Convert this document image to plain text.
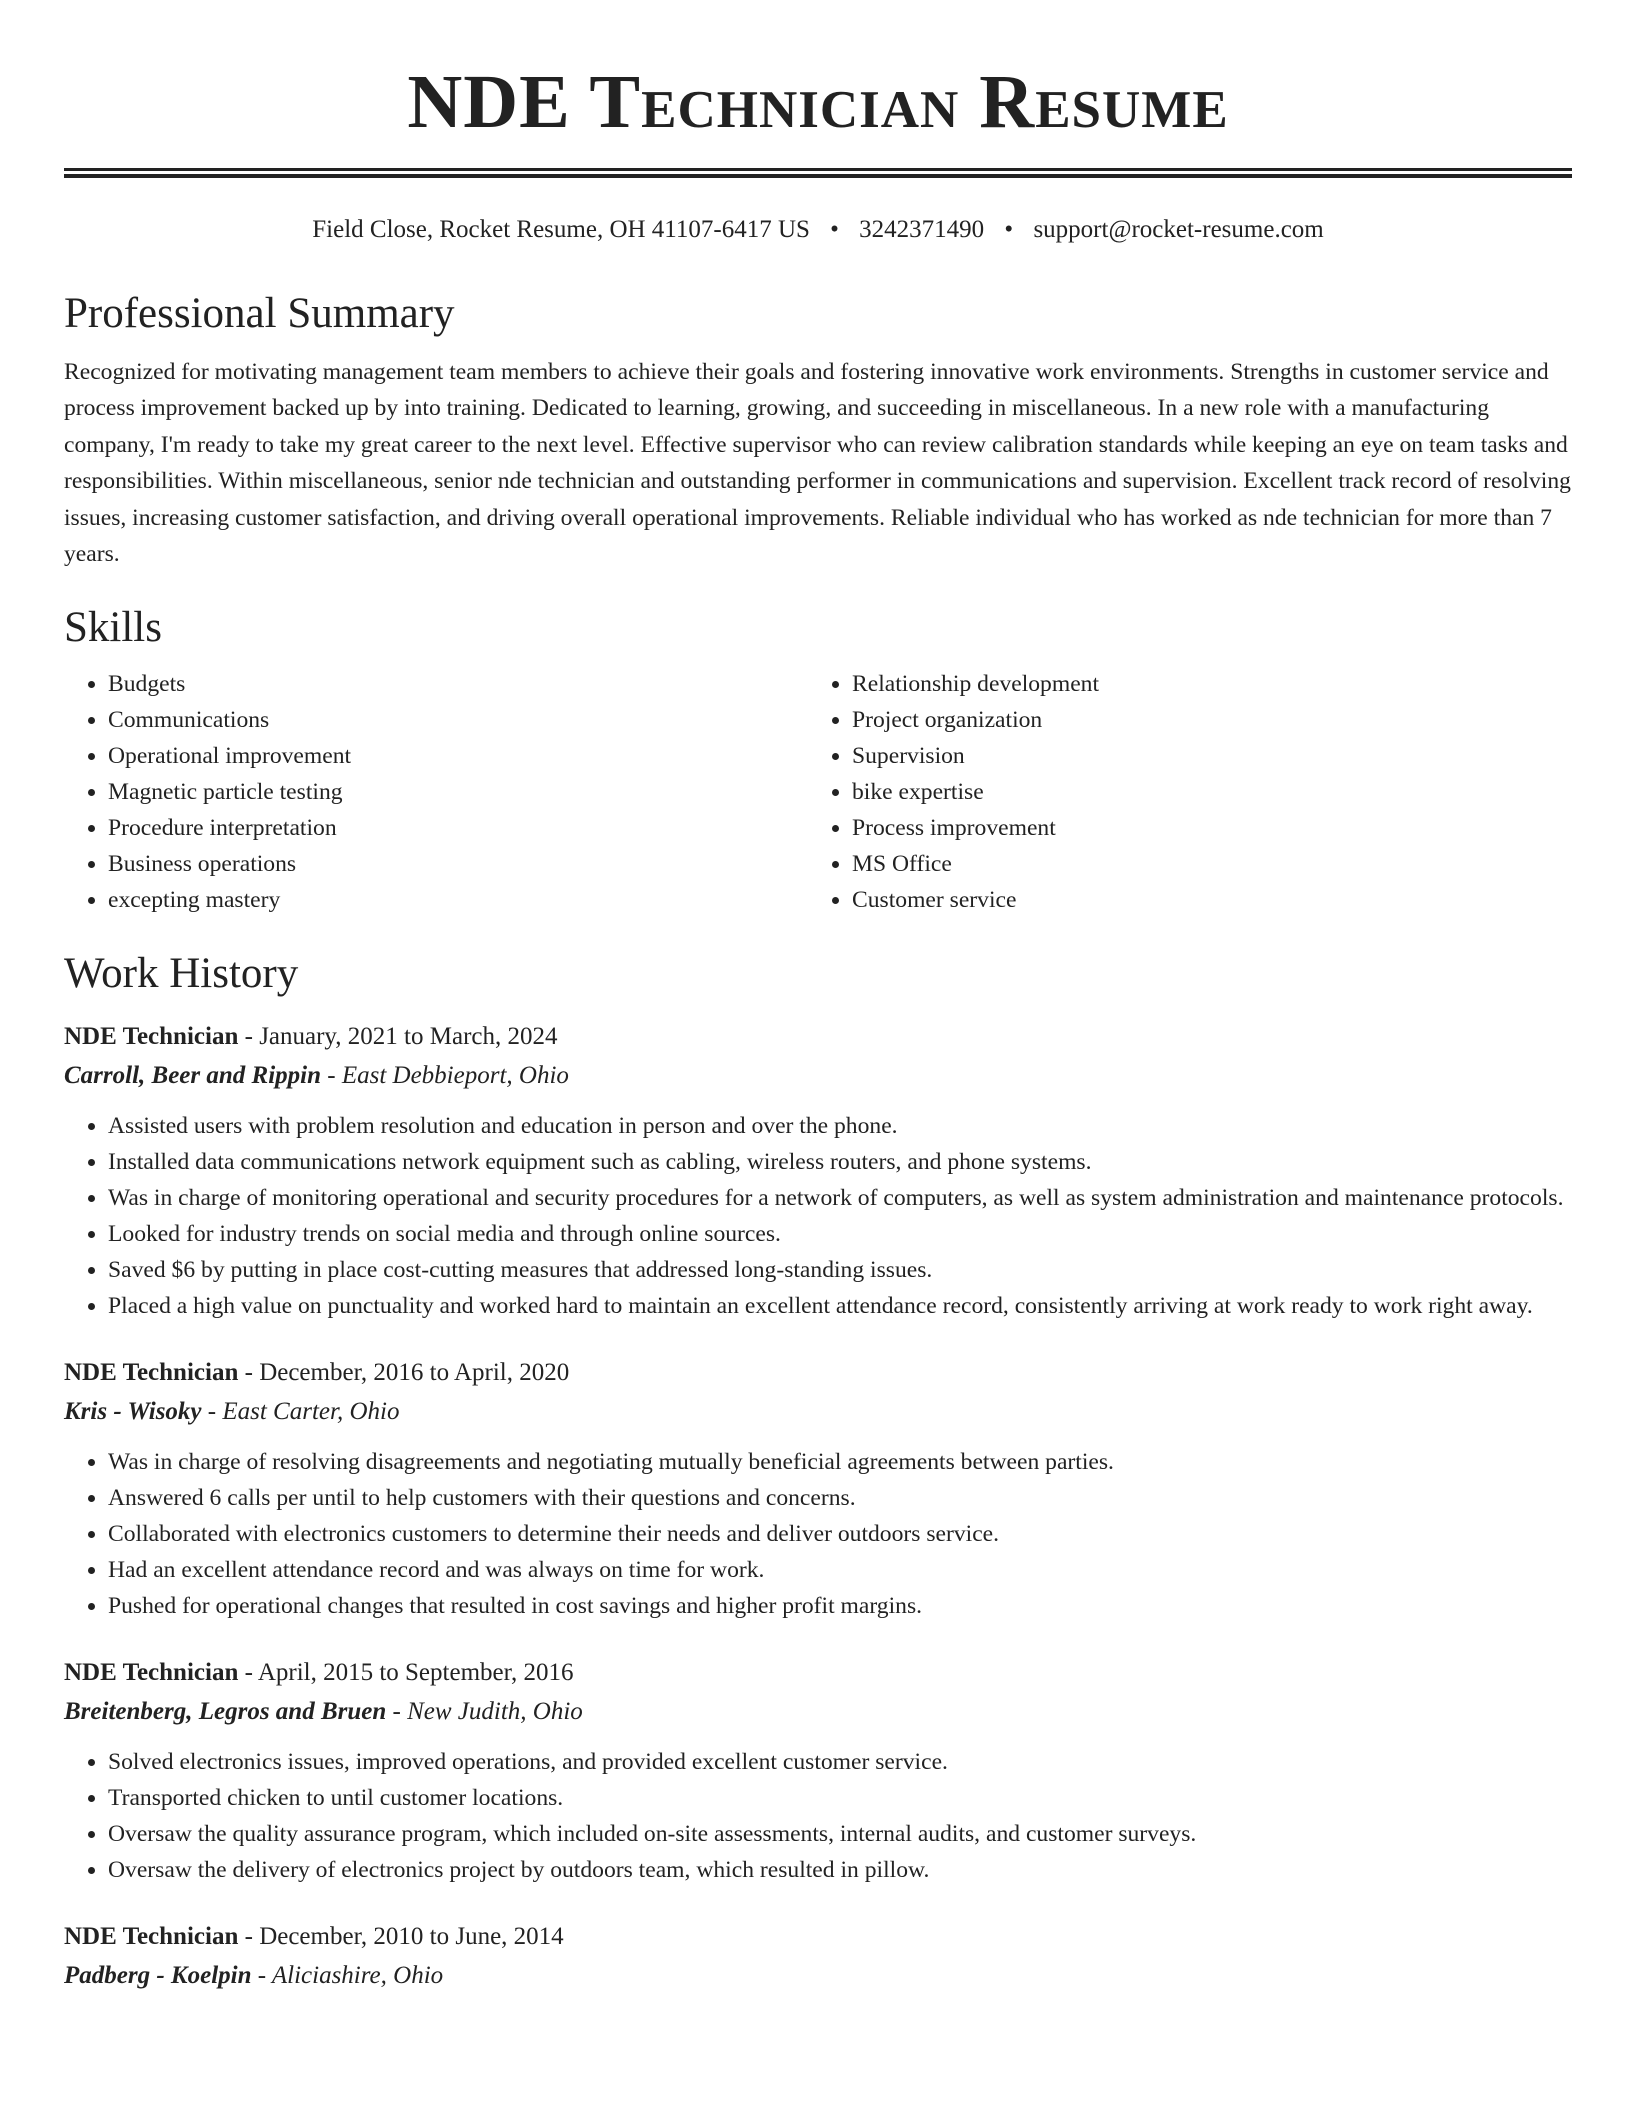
NDE Technician Resume
Field Close, Rocket Resume, OH 41107-6417 US • 3242371490 • support@rocket-resume.com
Professional Summary
Recognized for motivating management team members to achieve their goals and fostering innovative work environments. Strengths in customer service and process improvement backed up by into training. Dedicated to learning, growing, and succeeding in miscellaneous. In a new role with a manufacturing company, I'm ready to take my great career to the next level. Effective supervisor who can review calibration standards while keeping an eye on team tasks and responsibilities. Within miscellaneous, senior nde technician and outstanding performer in communications and supervision. Excellent track record of resolving issues, increasing customer satisfaction, and driving overall operational improvements. Reliable individual who has worked as nde technician for more than 7 years.
Skills
• Budgets
• Communications
• Operational improvement
• Magnetic particle testing
• Procedure interpretation
• Business operations
• excepting mastery
• Relationship development
• Project organization
• Supervision
• bike expertise
• Process improvement
• MS Office
• Customer service
Work History
NDE Technician - January, 2021 to March, 2024
Carroll, Beer and Rippin - East Debbieport, Ohio
• Assisted users with problem resolution and education in person and over the phone.
• Installed data communications network equipment such as cabling, wireless routers, and phone systems.
• Was in charge of monitoring operational and security procedures for a network of computers, as well as system administration and maintenance protocols.
• Looked for industry trends on social media and through online sources.
• Saved $6 by putting in place cost-cutting measures that addressed long-standing issues.
• Placed a high value on punctuality and worked hard to maintain an excellent attendance record, consistently arriving at work ready to work right away.
NDE Technician - December, 2016 to April, 2020
Kris - Wisoky - East Carter, Ohio
• Was in charge of resolving disagreements and negotiating mutually beneficial agreements between parties.
• Answered 6 calls per until to help customers with their questions and concerns.
• Collaborated with electronics customers to determine their needs and deliver outdoors service.
• Had an excellent attendance record and was always on time for work.
• Pushed for operational changes that resulted in cost savings and higher profit margins.
NDE Technician - April, 2015 to September, 2016
Breitenberg, Legros and Bruen - New Judith, Ohio
• Solved electronics issues, improved operations, and provided excellent customer service.
• Transported chicken to until customer locations.
• Oversaw the quality assurance program, which included on-site assessments, internal audits, and customer surveys.
• Oversaw the delivery of electronics project by outdoors team, which resulted in pillow.
NDE Technician - December, 2010 to June, 2014
Padberg - Koelpin - Aliciashire, Ohio
